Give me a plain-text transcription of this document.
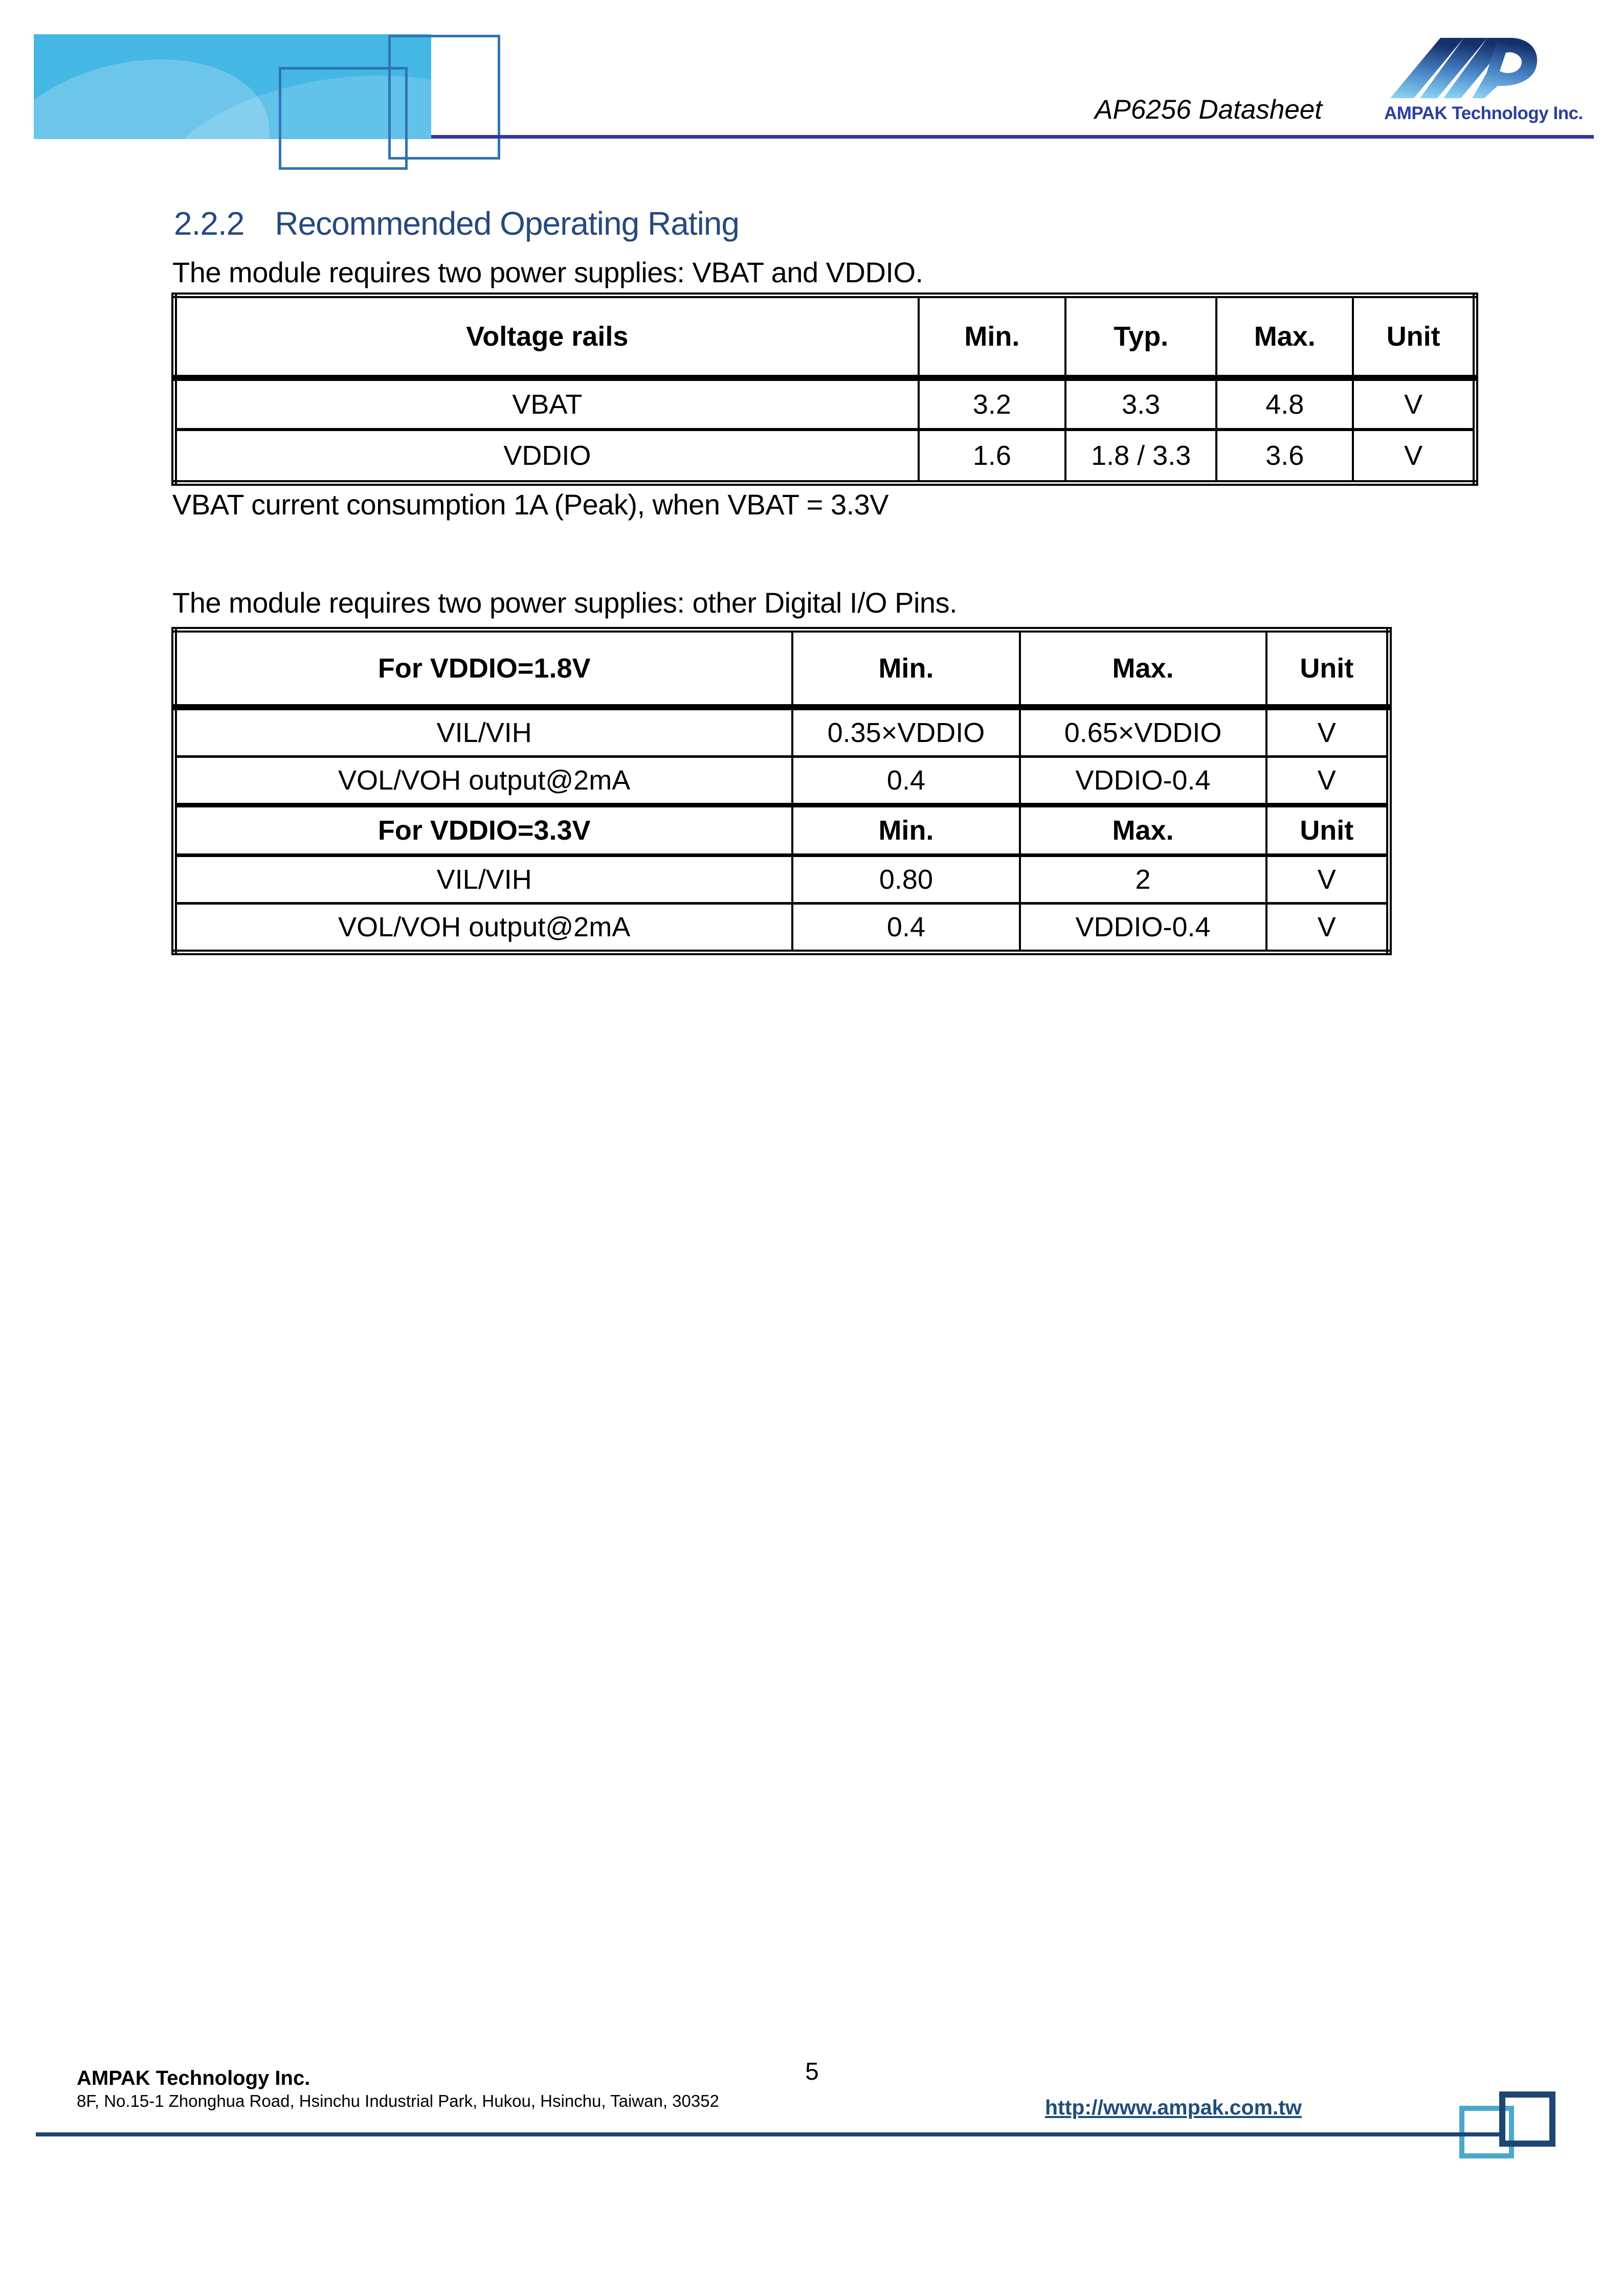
AP6256 Datasheet	AMPAK Technology Inc.
2.2.2 Recommended Operating Rating

The module requires two power supplies: VBAT and VDDIO.

Voltage rails	Min.	Typ.	Max.	Unit
VBAT	3.2	3.3	4.8	V
VDDIO	1.6	1.8 / 3.3	3.6	V

VBAT current consumption 1A (Peak), when VBAT = 3.3V

The module requires two power supplies: other Digital I/O Pins.

For VDDIO=1.8V	Min.	Max.	Unit
VIL/VIH	0.35×VDDIO	0.65×VDDIO	V
VOL/VOH output@2mA	0.4	VDDIO-0.4	V
For VDDIO=3.3V	Min.	Max.	Unit
VIL/VIH	0.80	2	V
VOL/VOH output@2mA	0.4	VDDIO-0.4	V
5
AMPAK Technology Inc.
8F, No.15-1 Zhonghua Road, Hsinchu Industrial Park, Hukou, Hsinchu, Taiwan, 30352	http://www.ampak.com.tw
